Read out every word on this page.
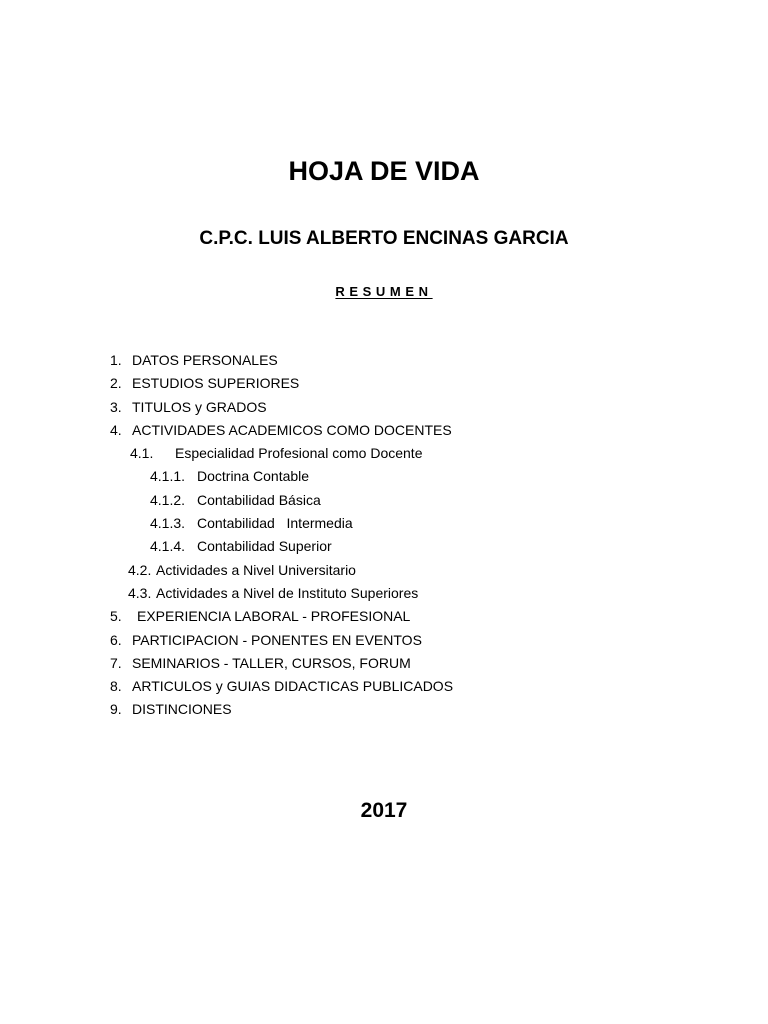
HOJA DE VIDA
C.P.C. LUIS ALBERTO ENCINAS GARCIA
RESUMEN
1. DATOS PERSONALES
2. ESTUDIOS SUPERIORES
3. TITULOS y GRADOS
4. ACTIVIDADES ACADEMICOS COMO DOCENTES
4.1. Especialidad Profesional como Docente
4.1.1. Doctrina Contable
4.1.2. Contabilidad Básica
4.1.3. Contabilidad   Intermedia
4.1.4. Contabilidad Superior
4.2. Actividades a Nivel Universitario
4.3. Actividades a Nivel de Instituto Superiores
5. EXPERIENCIA LABORAL - PROFESIONAL
6. PARTICIPACION - PONENTES EN EVENTOS
7. SEMINARIOS - TALLER, CURSOS, FORUM
8. ARTICULOS y GUIAS DIDACTICAS PUBLICADOS
9. DISTINCIONES
2017
